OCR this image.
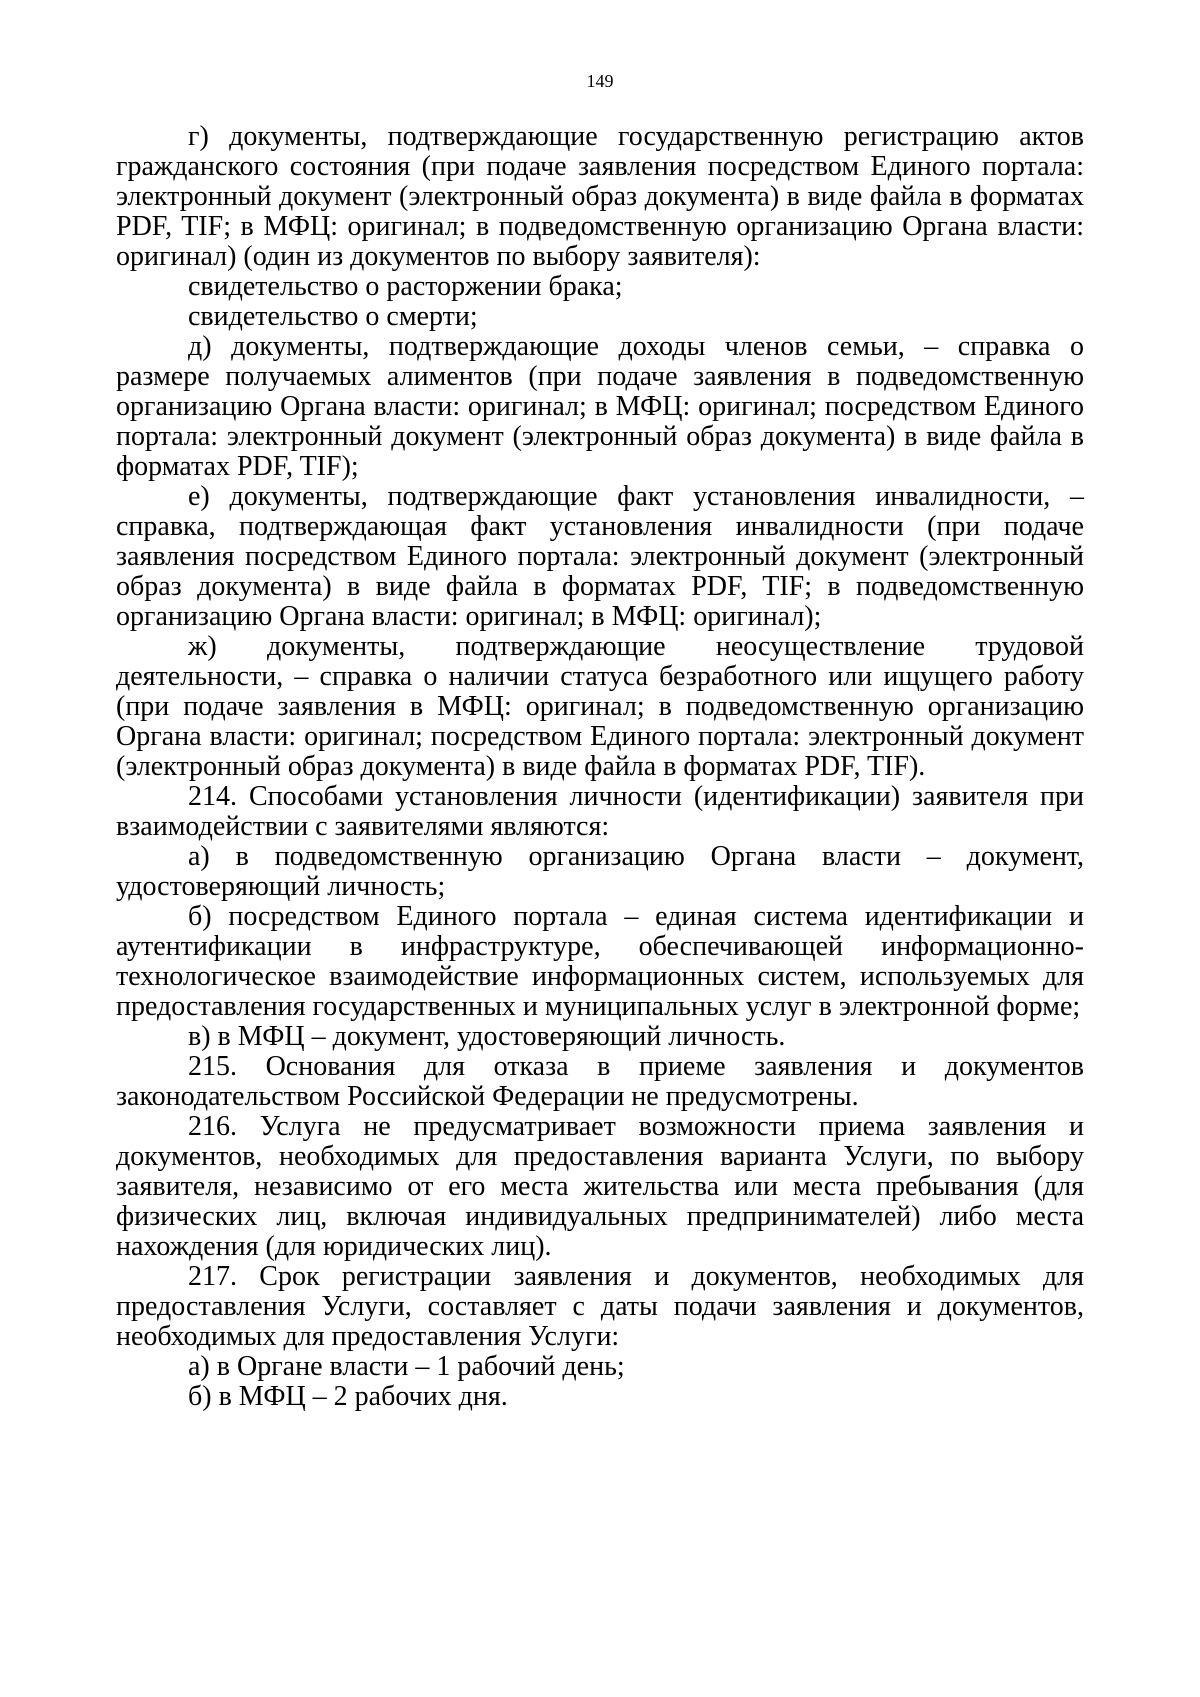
149

г) документы, подтверждающие государственную регистрацию актов гражданского состояния (при подаче заявления посредством Единого портала: электронный документ (электронный образ документа) в виде файла в форматах PDF, TIF; в МФЦ: оригинал; в подведомственную организацию Органа власти: оригинал) (один из документов по выбору заявителя):

свидетельство о расторжении брака;

свидетельство о смерти;

д) документы, подтверждающие доходы членов семьи, – справка о размере получаемых алиментов (при подаче заявления в подведомственную организацию Органа власти: оригинал; в МФЦ: оригинал; посредством Единого портала: электронный документ (электронный образ документа) в виде файла в форматах PDF, TIF);

е) документы, подтверждающие факт установления инвалидности, – справка, подтверждающая факт установления инвалидности (при подаче заявления посредством Единого портала: электронный документ (электронный образ документа) в виде файла в форматах PDF, TIF; в подведомственную организацию Органа власти: оригинал; в МФЦ: оригинал);

ж) документы, подтверждающие неосуществление трудовой деятельности, – справка о наличии статуса безработного или ищущего работу (при подаче заявления в МФЦ: оригинал; в подведомственную организацию Органа власти: оригинал; посредством Единого портала: электронный документ (электронный образ документа) в виде файла в форматах PDF, TIF).

214. Способами установления личности (идентификации) заявителя при взаимодействии с заявителями являются:

а) в подведомственную организацию Органа власти – документ, удостоверяющий личность;

б) посредством Единого портала – единая система идентификации и аутентификации в инфраструктуре, обеспечивающей информационно-технологическое взаимодействие информационных систем, используемых для предоставления государственных и муниципальных услуг в электронной форме;

в) в МФЦ – документ, удостоверяющий личность.

215. Основания для отказа в приеме заявления и документов законодательством Российской Федерации не предусмотрены.

216. Услуга не предусматривает возможности приема заявления и документов, необходимых для предоставления варианта Услуги, по выбору заявителя, независимо от его места жительства или места пребывания (для физических лиц, включая индивидуальных предпринимателей) либо места нахождения (для юридических лиц).

217. Срок регистрации заявления и документов, необходимых для предоставления Услуги, составляет с даты подачи заявления и документов, необходимых для предоставления Услуги:

а) в Органе власти – 1 рабочий день;

б) в МФЦ – 2 рабочих дня.
